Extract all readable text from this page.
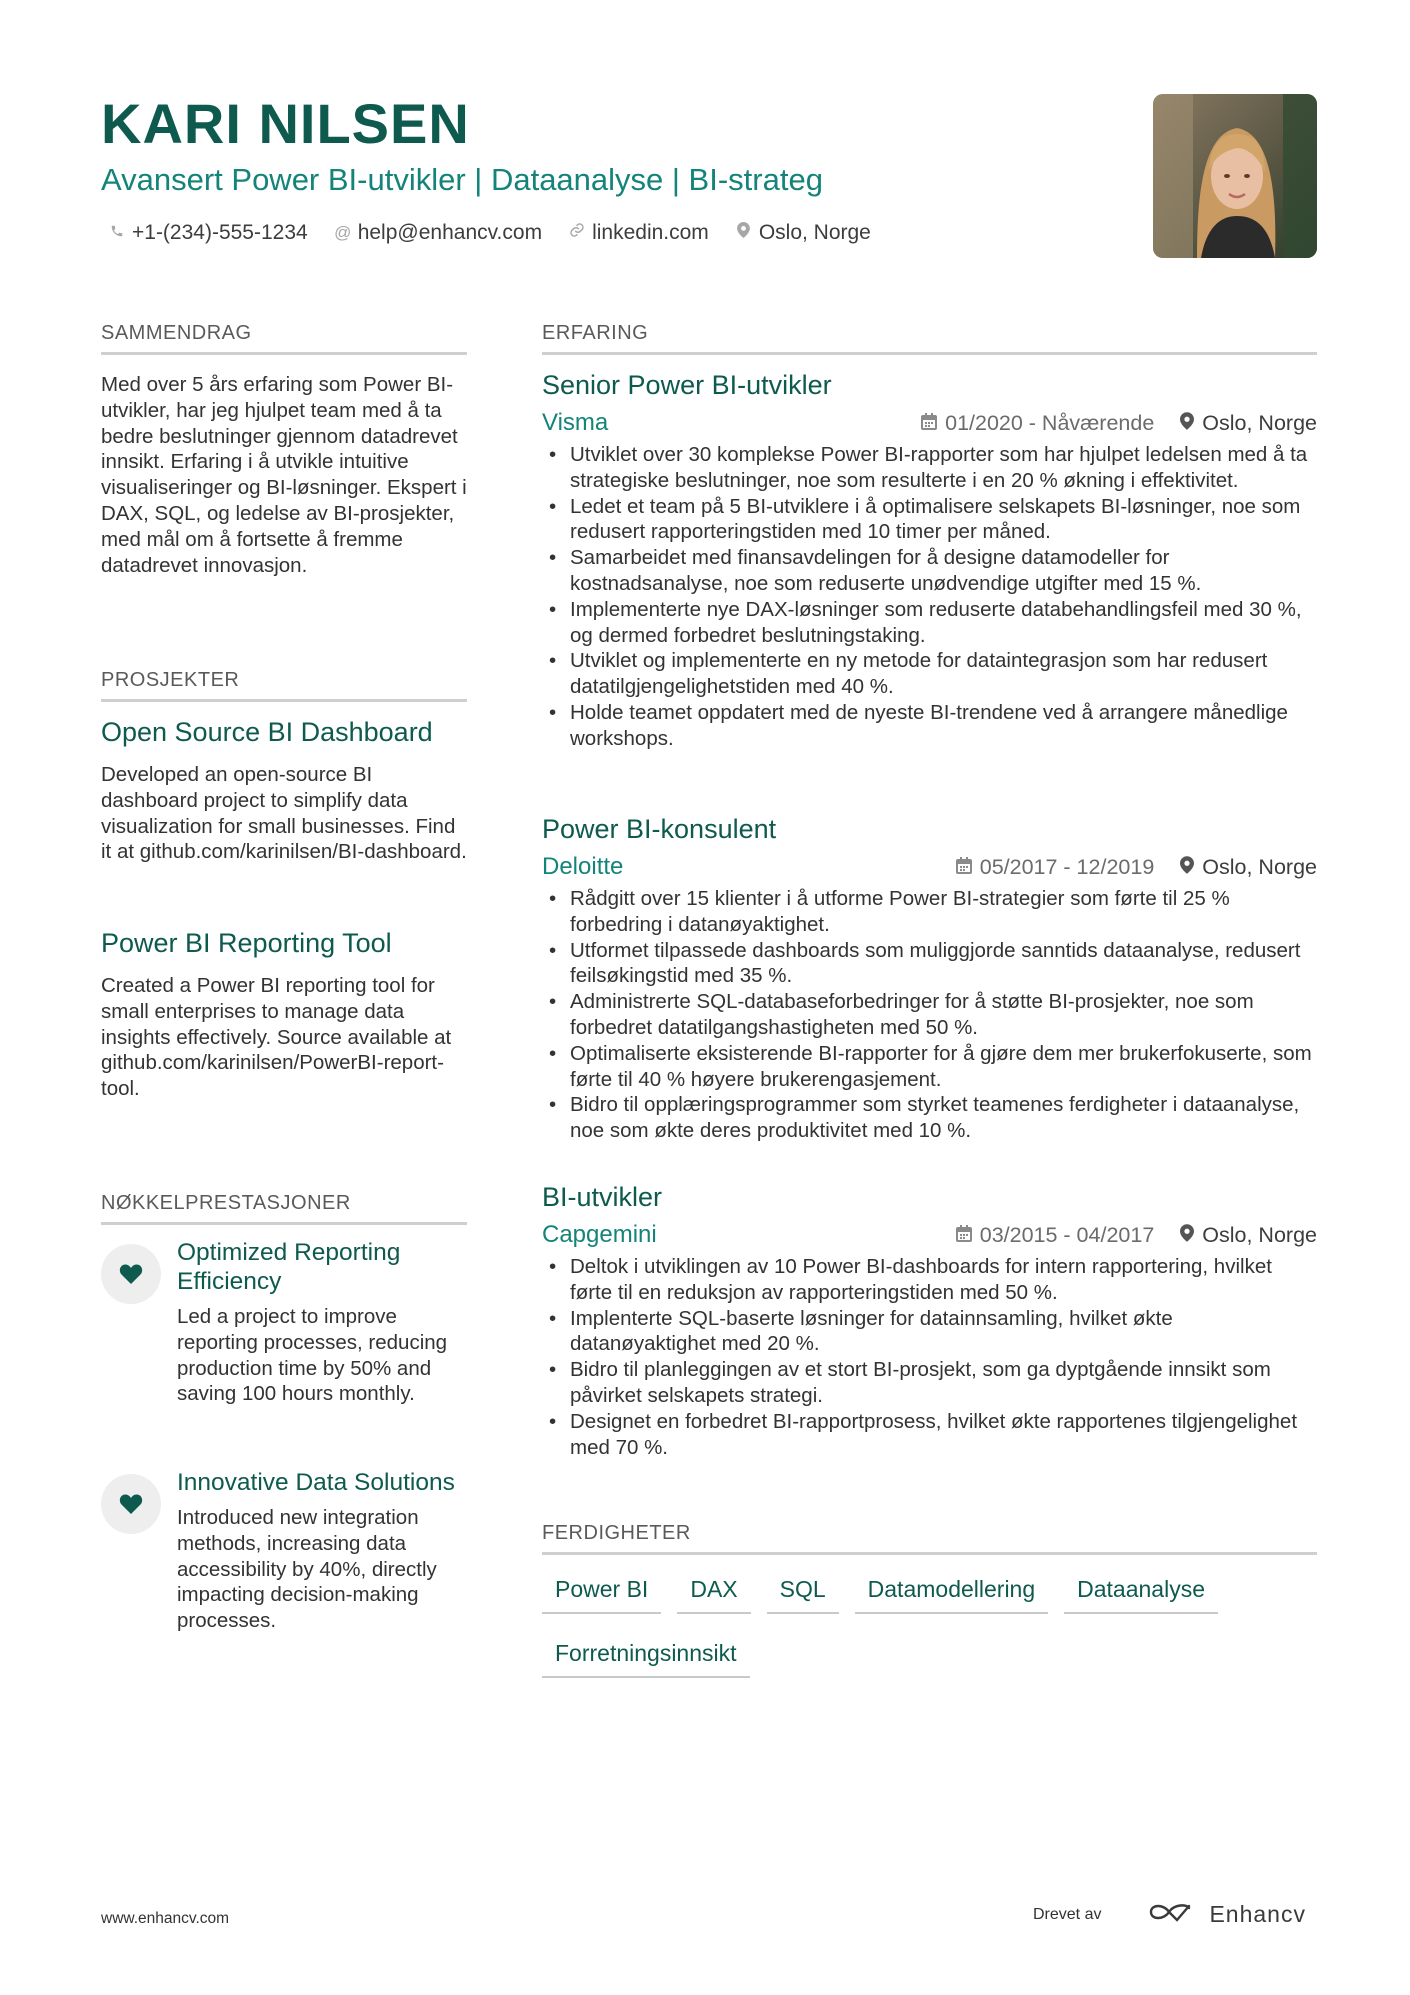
KARI NILSEN
Avansert Power BI-utvikler | Dataanalyse | BI-strateg
+1-(234)-555-1234 @ help@enhancv.com linkedin.com Oslo, Norge
SAMMENDRAG
Med over 5 års erfaring som Power BI-utvikler, har jeg hjulpet team med å ta bedre beslutninger gjennom datadrevet innsikt. Erfaring i å utvikle intuitive visualiseringer og BI-løsninger. Ekspert i DAX, SQL, og ledelse av BI-prosjekter, med mål om å fortsette å fremme datadrevet innovasjon.
PROSJEKTER
Open Source BI Dashboard
Developed an open-source BI dashboard project to simplify data visualization for small businesses. Find it at github.com/karinilsen/BI-dashboard.
Power BI Reporting Tool
Created a Power BI reporting tool for small enterprises to manage data insights effectively. Source available at github.com/karinilsen/PowerBI-report-tool.
NØKKELPRESTASJONER
Optimized Reporting Efficiency
Led a project to improve reporting processes, reducing production time by 50% and saving 100 hours monthly.
Innovative Data Solutions
Introduced new integration methods, increasing data accessibility by 40%, directly impacting decision-making processes.
ERFARING
Senior Power BI-utvikler
Visma	01/2020 - Nåværende Oslo, Norge
• Utviklet over 30 komplekse Power BI-rapporter som har hjulpet ledelsen med å ta strategiske beslutninger, noe som resulterte i en 20 % økning i effektivitet.
• Ledet et team på 5 BI-utviklere i å optimalisere selskapets BI-løsninger, noe som redusert rapporteringstiden med 10 timer per måned.
• Samarbeidet med finansavdelingen for å designe datamodeller for kostnadsanalyse, noe som reduserte unødvendige utgifter med 15 %.
• Implementerte nye DAX-løsninger som reduserte databehandlingsfeil med 30 %, og dermed forbedret beslutningstaking.
• Utviklet og implementerte en ny metode for dataintegrasjon som har redusert datatilgjengelighetstiden med 40 %.
• Holde teamet oppdatert med de nyeste BI-trendene ved å arrangere månedlige workshops.
Power BI-konsulent
Deloitte	05/2017 - 12/2019 Oslo, Norge
• Rådgitt over 15 klienter i å utforme Power BI-strategier som førte til 25 % forbedring i datanøyaktighet.
• Utformet tilpassede dashboards som muliggjorde sanntids dataanalyse, redusert feilsøkingstid med 35 %.
• Administrerte SQL-databaseforbedringer for å støtte BI-prosjekter, noe som forbedret datatilgangshastigheten med 50 %.
• Optimaliserte eksisterende BI-rapporter for å gjøre dem mer brukerfokuserte, som førte til 40 % høyere brukerengasjement.
• Bidro til opplæringsprogrammer som styrket teamenes ferdigheter i dataanalyse, noe som økte deres produktivitet med 10 %.
BI-utvikler
Capgemini	03/2015 - 04/2017 Oslo, Norge
• Deltok i utviklingen av 10 Power BI-dashboards for intern rapportering, hvilket førte til en reduksjon av rapporteringstiden med 50 %.
• Implenterte SQL-baserte løsninger for datainnsamling, hvilket økte datanøyaktighet med 20 %.
• Bidro til planleggingen av et stort BI-prosjekt, som ga dyptgående innsikt som påvirket selskapets strategi.
• Designet en forbedret BI-rapportprosess, hvilket økte rapportenes tilgjengelighet med 70 %.
FERDIGHETER
Power BI	DAX	SQL	Datamodellering	Dataanalyse
Forretningsinnsikt
www.enhancv.com	Drevet av	Enhancv
